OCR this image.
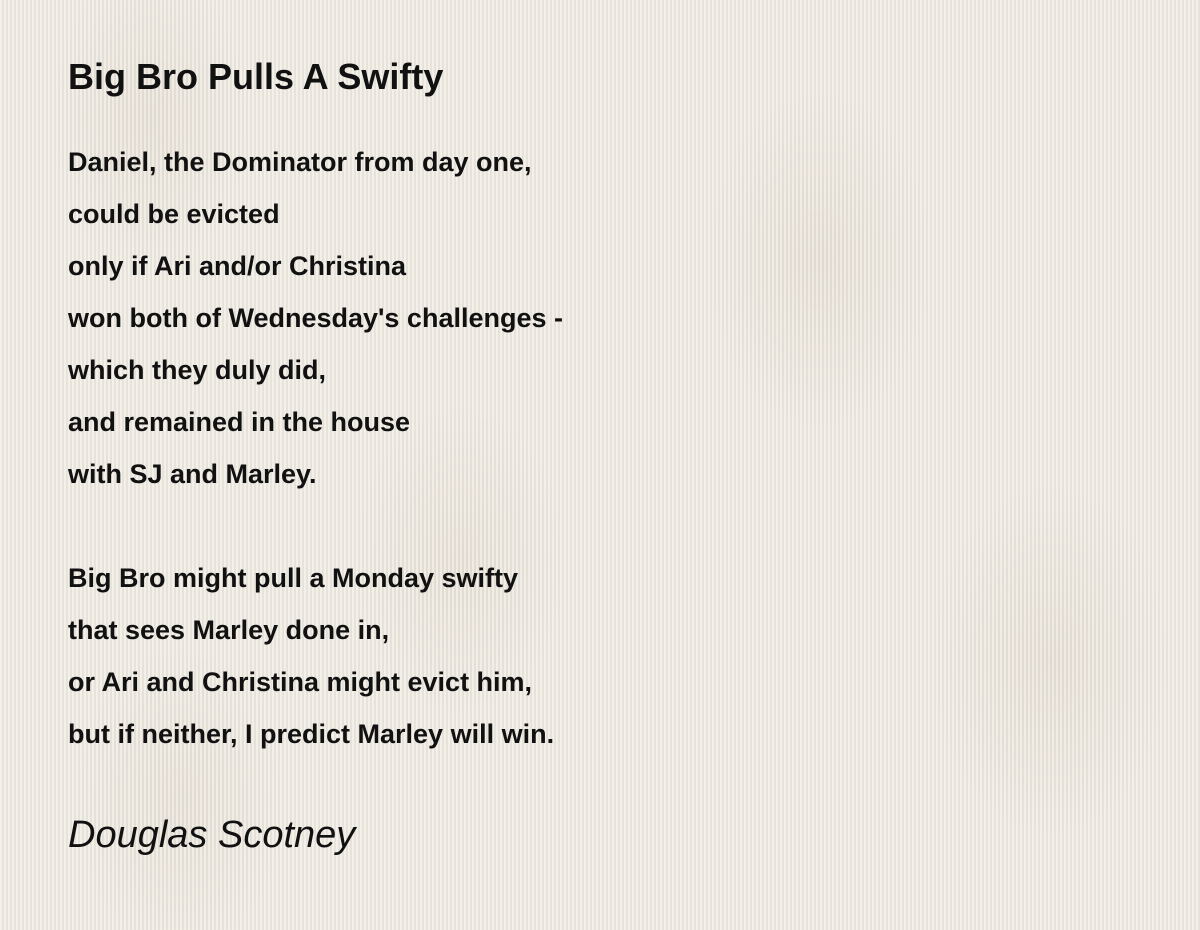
Big Bro Pulls A Swifty
Daniel, the Dominator from day one,
could be evicted
only if Ari and/or Christina
won both of Wednesday's challenges -
which they duly did,
and remained in the house
with SJ and Marley.
Big Bro might pull a Monday swifty
that sees Marley done in,
or Ari and Christina might evict him,
but if neither, I predict Marley will win.
Douglas Scotney
